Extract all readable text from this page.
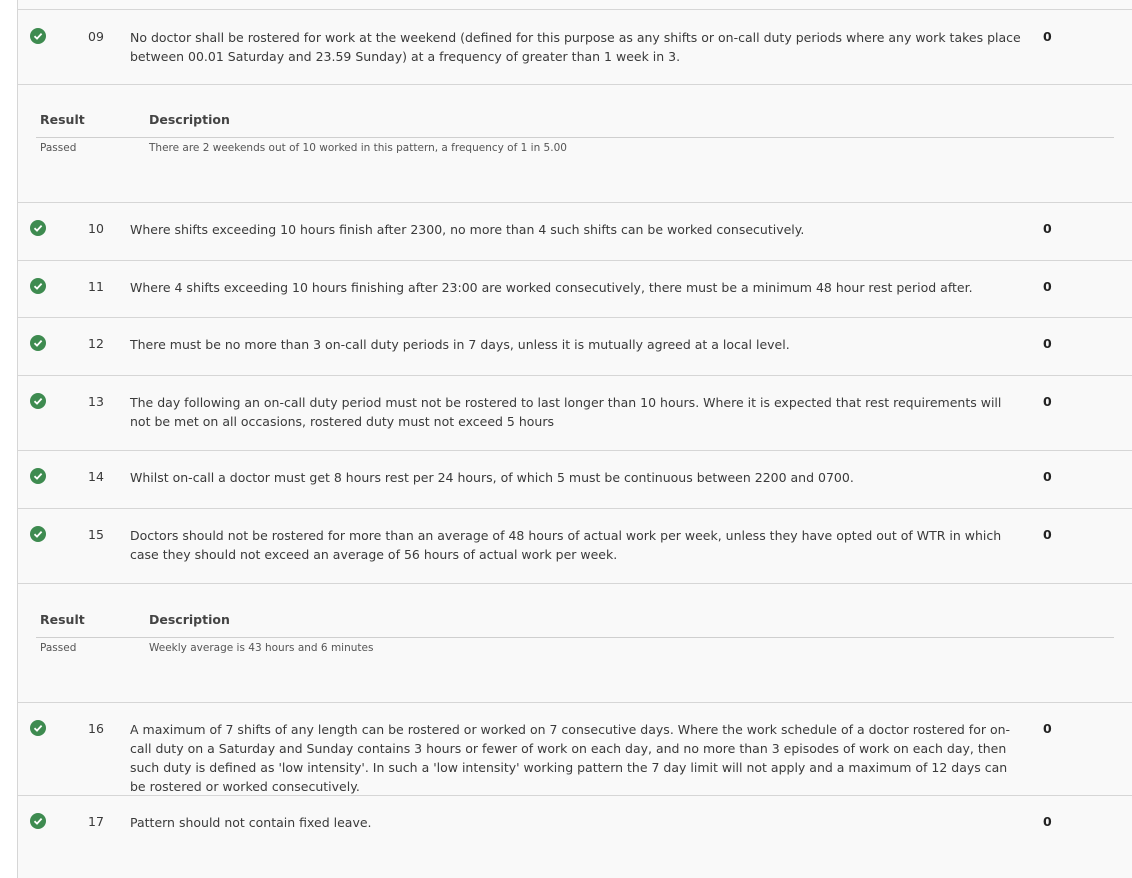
09 No doctor shall be rostered for work at the weekend (defined for this purpose as any shifts or on-call duty periods where any work takes place between 00.01 Saturday and 23.59 Sunday) at a frequency of greater than 1 week in 3.
0
Result	Description
Passed	There are 2 weekends out of 10 worked in this pattern, a frequency of 1 in 5.00
10 Where shifts exceeding 10 hours finish after 2300, no more than 4 such shifts can be worked consecutively.	0
11 Where 4 shifts exceeding 10 hours finishing after 23:00 are worked consecutively, there must be a minimum 48 hour rest period after.	0
12 There must be no more than 3 on-call duty periods in 7 days, unless it is mutually agreed at a local level.	0
13 The day following an on-call duty period must not be rostered to last longer than 10 hours. Where it is expected that rest requirements will not be met on all occasions, rostered duty must not exceed 5 hours
0
14 Whilst on-call a doctor must get 8 hours rest per 24 hours, of which 5 must be continuous between 2200 and 0700.	0
15 Doctors should not be rostered for more than an average of 48 hours of actual work per week, unless they have opted out of WTR in which case they should not exceed an average of 56 hours of actual work per week.
0
Result	Description
Passed	Weekly average is 43 hours and 6 minutes
16 A maximum of 7 shifts of any length can be rostered or worked on 7 consecutive days. Where the work schedule of a doctor rostered for on-call duty on a Saturday and Sunday contains 3 hours or fewer of work on each day, and no more than 3 episodes of work on each day, then such duty is defined as 'low intensity'. In such a 'low intensity' working pattern the 7 day limit will not apply and a maximum of 12 days can be rostered or worked consecutively.
0
17 Pattern should not contain fixed leave.	0
